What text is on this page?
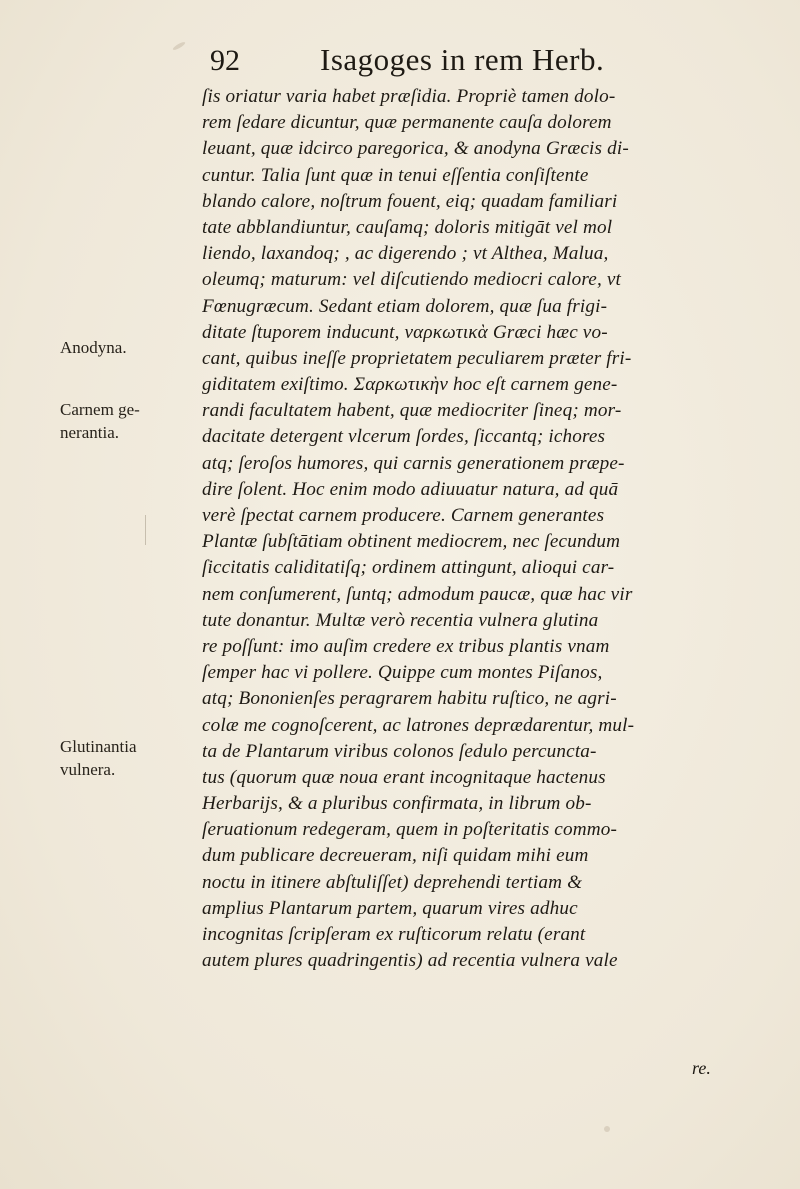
92	Isagoges in rem Herb.
Anodyna.
Carnem ge-
nerantia.
Glutinantia
vulnera.
ſis oriatur varia habet præſidia. Propriè tamen dolo-
rem ſedare dicuntur, quæ permanente cauſa dolorem
leuant, quæ idcirco paregorica, & anodyna Græcis di-
cuntur. Talia ſunt quæ in tenui eſſentia conſiſtente
blando calore, noſtrum fouent, eiq; quadam familiari
tate abblandiuntur, cauſamq; doloris mitigāt vel mol
liendo, laxandoq; , ac digerendo ; vt Althea, Malua,
oleumq; maturum: vel diſcutiendo mediocri calore, vt
Fœnugræcum. Sedant etiam dolorem, quæ ſua frigi-
ditate ſtuporem inducunt, ναρκωτικὰ Græci hæc vo-
cant, quibus ineſſe proprietatem peculiarem præter fri-
giditatem exiſtimo. Σαρκωτικὴν hoc eſt carnem gene-
randi facultatem habent, quæ mediocriter ſineq; mor-
dacitate detergent vlcerum ſordes, ſiccantq; ichores
atq; ſeroſos humores, qui carnis generationem præpe-
dire ſolent. Hoc enim modo adiuuatur natura, ad quā
verè ſpectat carnem producere. Carnem generantes
Plantæ ſubſtātiam obtinent mediocrem, nec ſecundum
ſiccitatis caliditatiſq; ordinem attingunt, alioqui car-
nem conſumerent, ſuntq; admodum paucæ, quæ hac vir
tute donantur. Multæ verò recentia vulnera glutina
re poſſunt: imo auſim credere ex tribus plantis vnam
ſemper hac vi pollere. Quippe cum montes Piſanos,
atq; Bononienſes peragrarem habitu ruſtico, ne agri-
colæ me cognoſcerent, ac latrones deprædarentur, mul-
ta de Plantarum viribus colonos ſedulo percuncta-
tus (quorum quæ noua erant incognitaque hactenus
Herbarijs, & a pluribus confirmata, in librum ob-
ſeruationum redegeram, quem in poſteritatis commo-
dum publicare decreueram, niſi quidam mihi eum
noctu in itinere abſtuliſſet) deprehendi tertiam &
amplius Plantarum partem, quarum vires adhuc
incognitas ſcripſeram ex ruſticorum relatu (erant
autem plures quadringentis) ad recentia vulnera vale
re.
